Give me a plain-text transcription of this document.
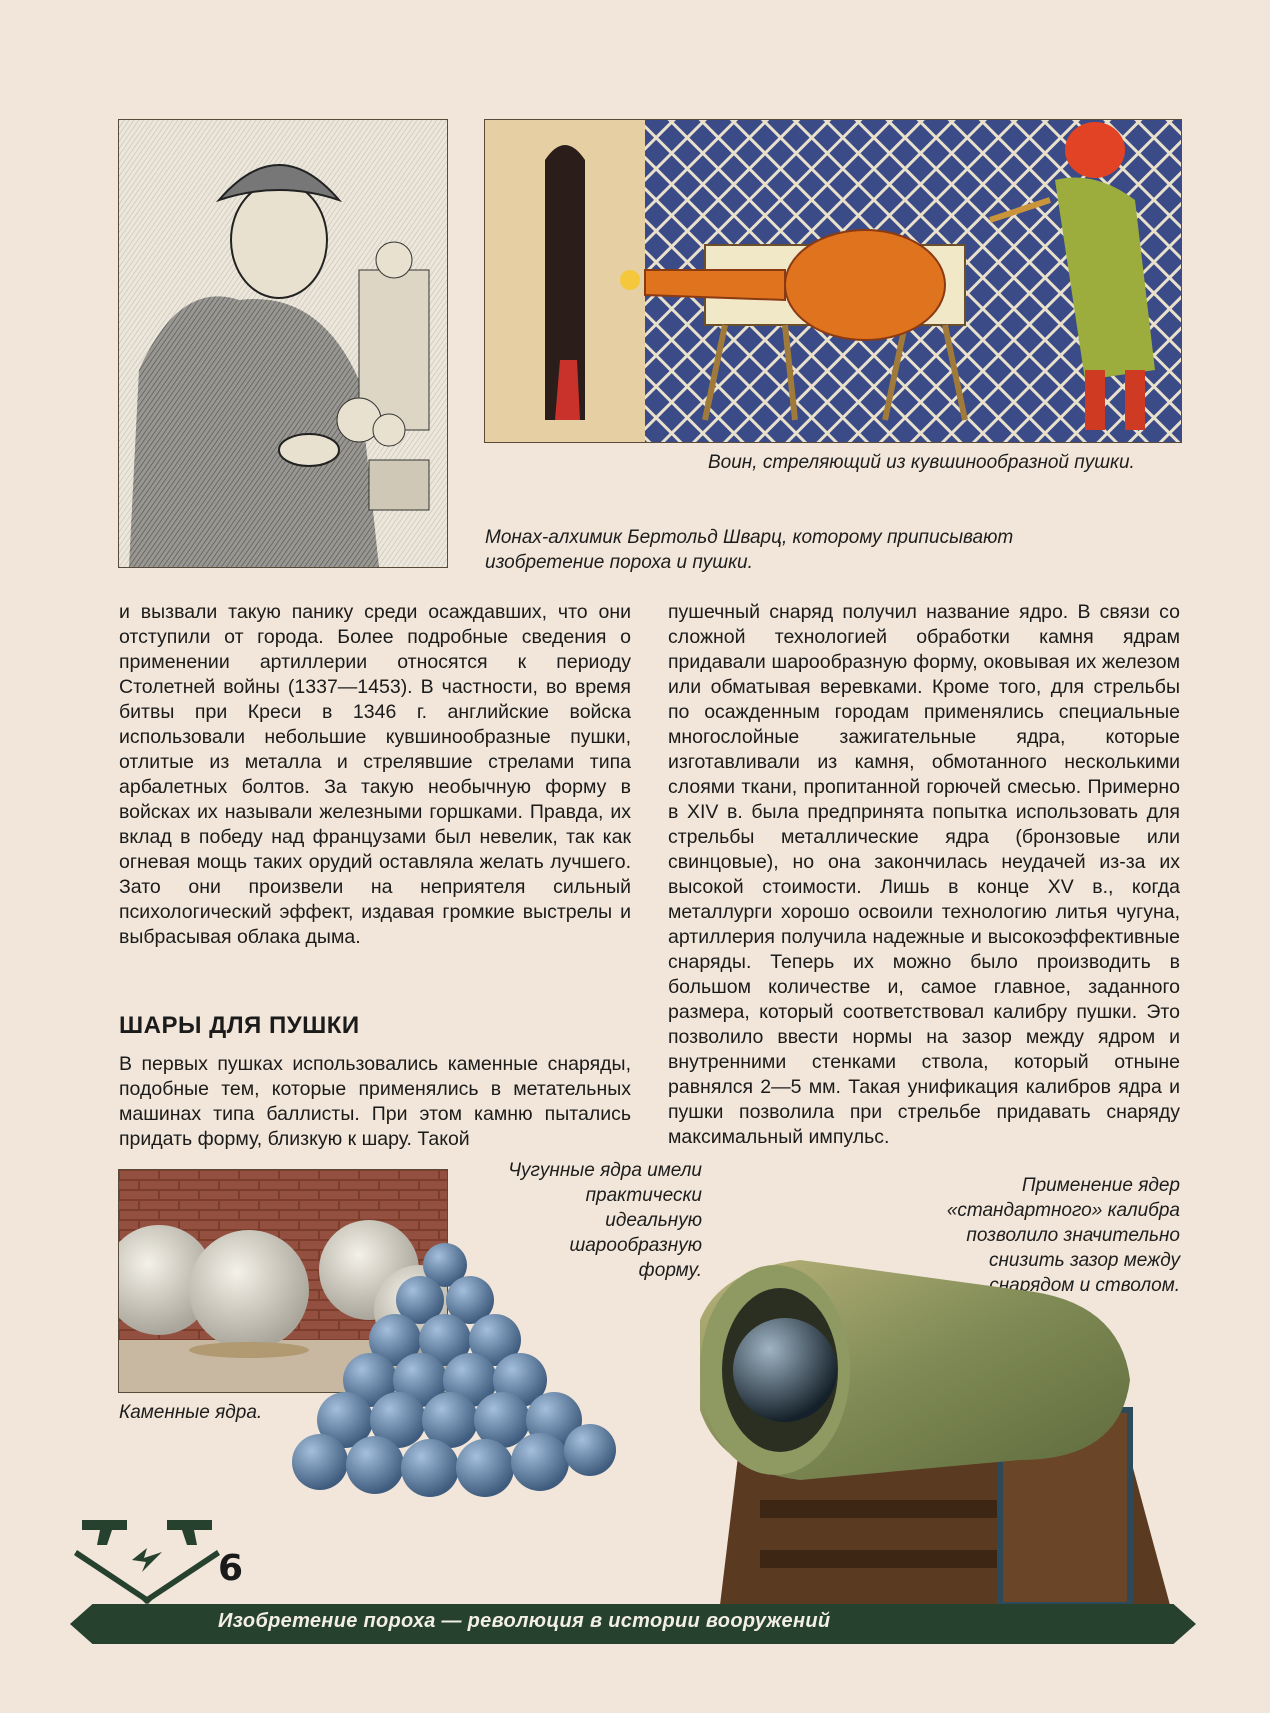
Воин, стреляющий из кувшинообразной пушки.
Монах-алхимик Бертольд Шварц, которому приписывают
изобретение пороха и пушки.

и вызвали такую панику среди осаждавших, что они отступили от города. Более подробные сведения о применении артиллерии относятся к периоду Столетней войны (1337—1453). В частности, во время битвы при Креси в 1346 г. английские войска использовали небольшие кувшинообразные пушки, отлитые из металла и стрелявшие стрелами типа арбалетных болтов. За такую необычную форму в войсках их называли железными горшками. Правда, их вклад в победу над французами был невелик, так как огневая мощь таких орудий оставляла желать лучшего. Зато они произвели на неприятеля сильный психологический эффект, издавая громкие выстрелы и выбрасывая облака дыма.

ШАРЫ ДЛЯ ПУШКИ

В первых пушках использовались каменные снаряды, подобные тем, которые применялись в метательных машинах типа баллисты. При этом камню пытались придать форму, близкую к шару. Такой

пушечный снаряд получил название ядро. В связи со сложной технологией обработки камня ядрам придавали шарообразную форму, оковывая их железом или обматывая веревками. Кроме того, для стрельбы по осажденным городам применялись специальные многослойные зажигательные ядра, которые изготавливали из камня, обмотанного несколькими слоями ткани, пропитанной горючей смесью. Примерно в XIV в. была предпринята попытка использовать для стрельбы металлические ядра (бронзовые или свинцовые), но она закончилась неудачей из-за их высокой стоимости. Лишь в конце XV в., когда металлурги хорошо освоили технологию литья чугуна, артиллерия получила надежные и высокоэффективные снаряды. Теперь их можно было производить в большом количестве и, самое главное, заданного размера, который соответствовал калибру пушки. Это позволило ввести нормы на зазор между ядром и внутренними стенками ствола, который отныне равнялся 2—5 мм. Такая унификация калибров ядра и пушки позволила при стрельбе придавать снаряду максимальный импульс.

Каменные ядра.
Чугунные ядра имели
практически
идеальную
шарообразную
форму.
Применение ядер
«стандартного» калибра
позволило значительно
снизить зазор между
снарядом и стволом.
6
Изобретение пороха — революция в истории вооружений
